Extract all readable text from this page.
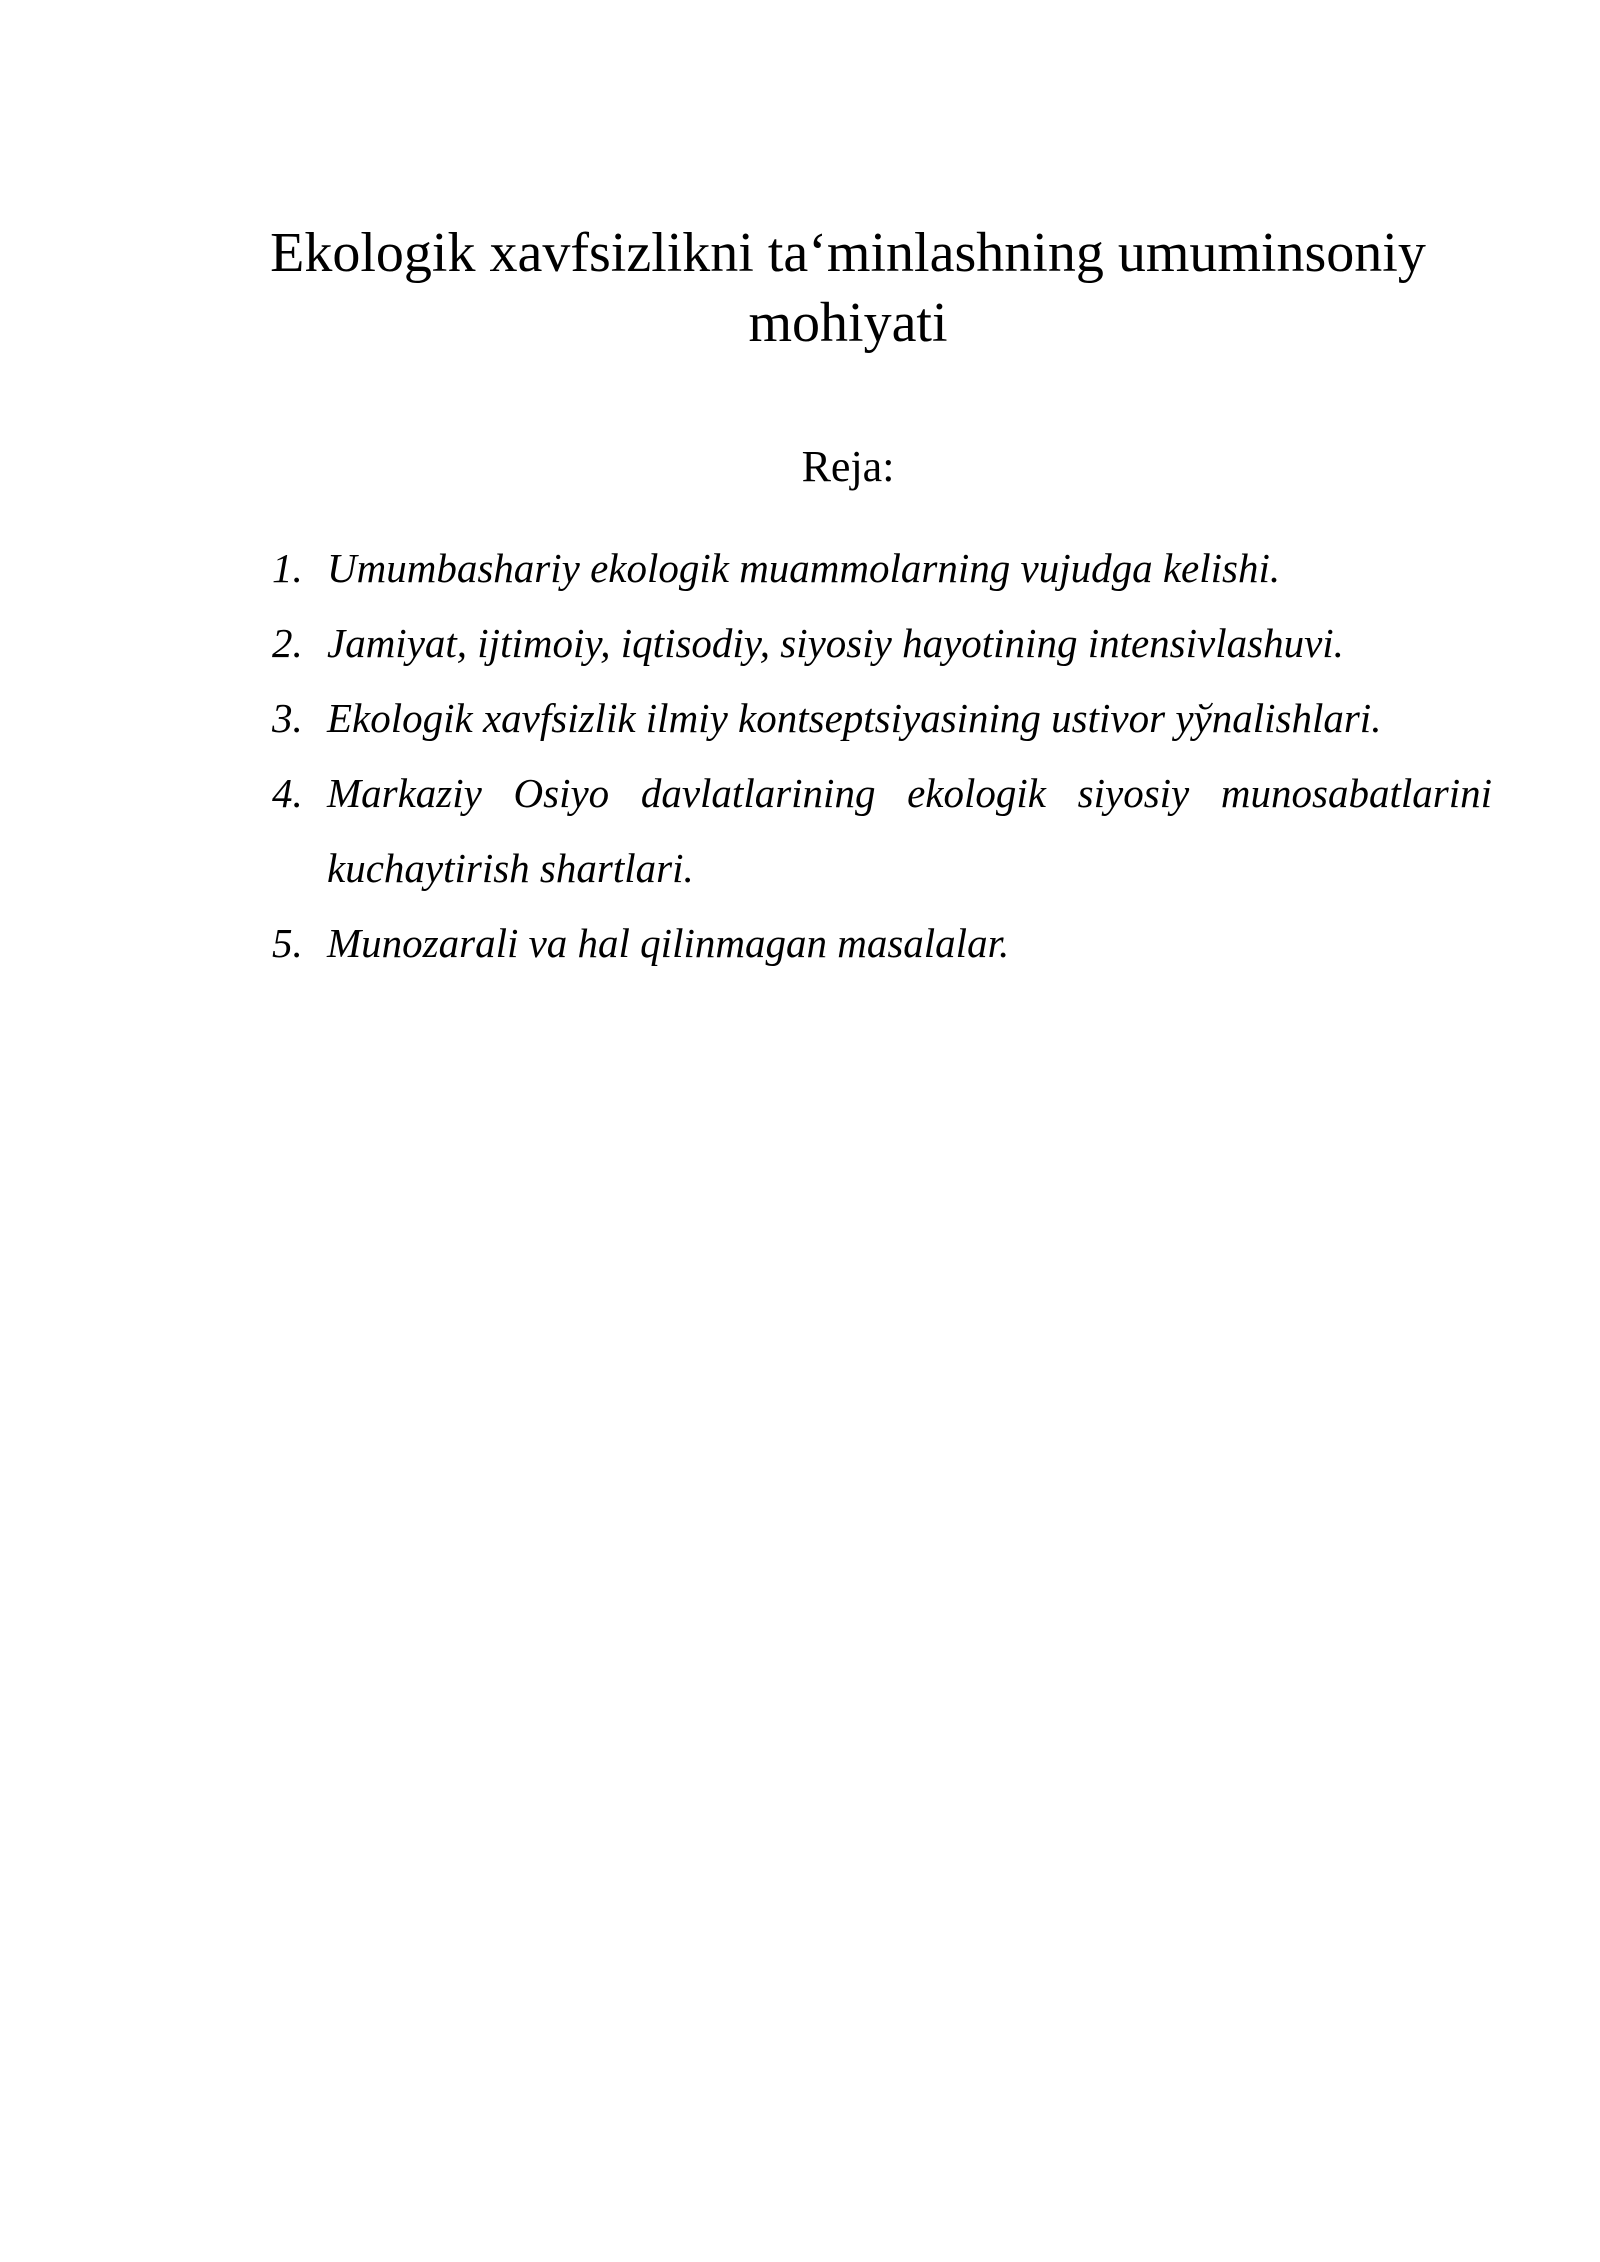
Ekologik xavfsizlikni ta‘minlashning umuminsoniy mohiyati
Reja:
1. Umumbashariy ekologik muammolarning vujudga kelishi.
2. Jamiyat, ijtimoiy, iqtisodiy, siyosiy hayotining intensivlashuvi.
3. Ekologik xavfsizlik ilmiy kontseptsiyasining ustivor yўnalishlari.
4. Markaziy Osiyo davlatlarining ekologik siyosiy munosabatlarini kuchaytirish shartlari.
5. Munozarali va hal qilinmagan masalalar.
